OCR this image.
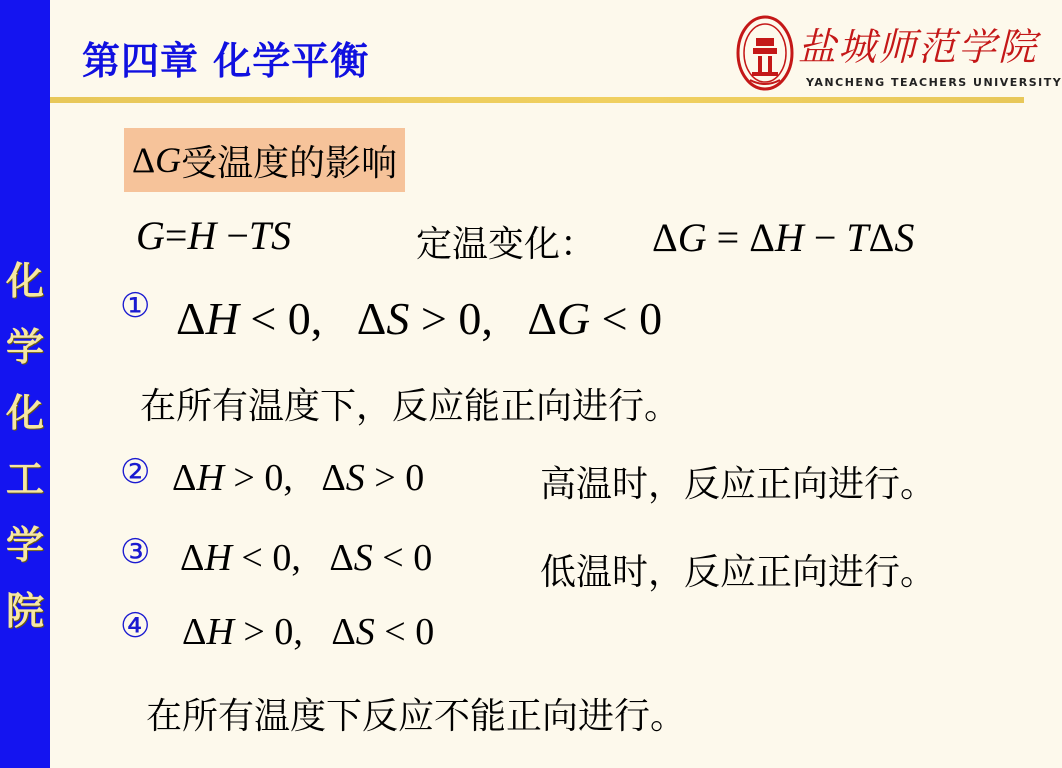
化
学
化
工
学
院
第四章 化学平衡	盐城师范学院
YANCHENG TEACHERS UNIVERSITY
Δ G 受温度的影响
G=H −TS	定温变化： ΔG = ΔH − TΔS
① ΔH < 0,   ΔS > 0,   ΔG < 0
在所有温度下，反应能正向进行。
② ΔH > 0,   ΔS > 0	高温时，反应正向进行。
③ ΔH < 0,   ΔS < 0	低温时，反应正向进行。
④ ΔH > 0,   ΔS < 0
在所有温度下反应不能正向进行。
